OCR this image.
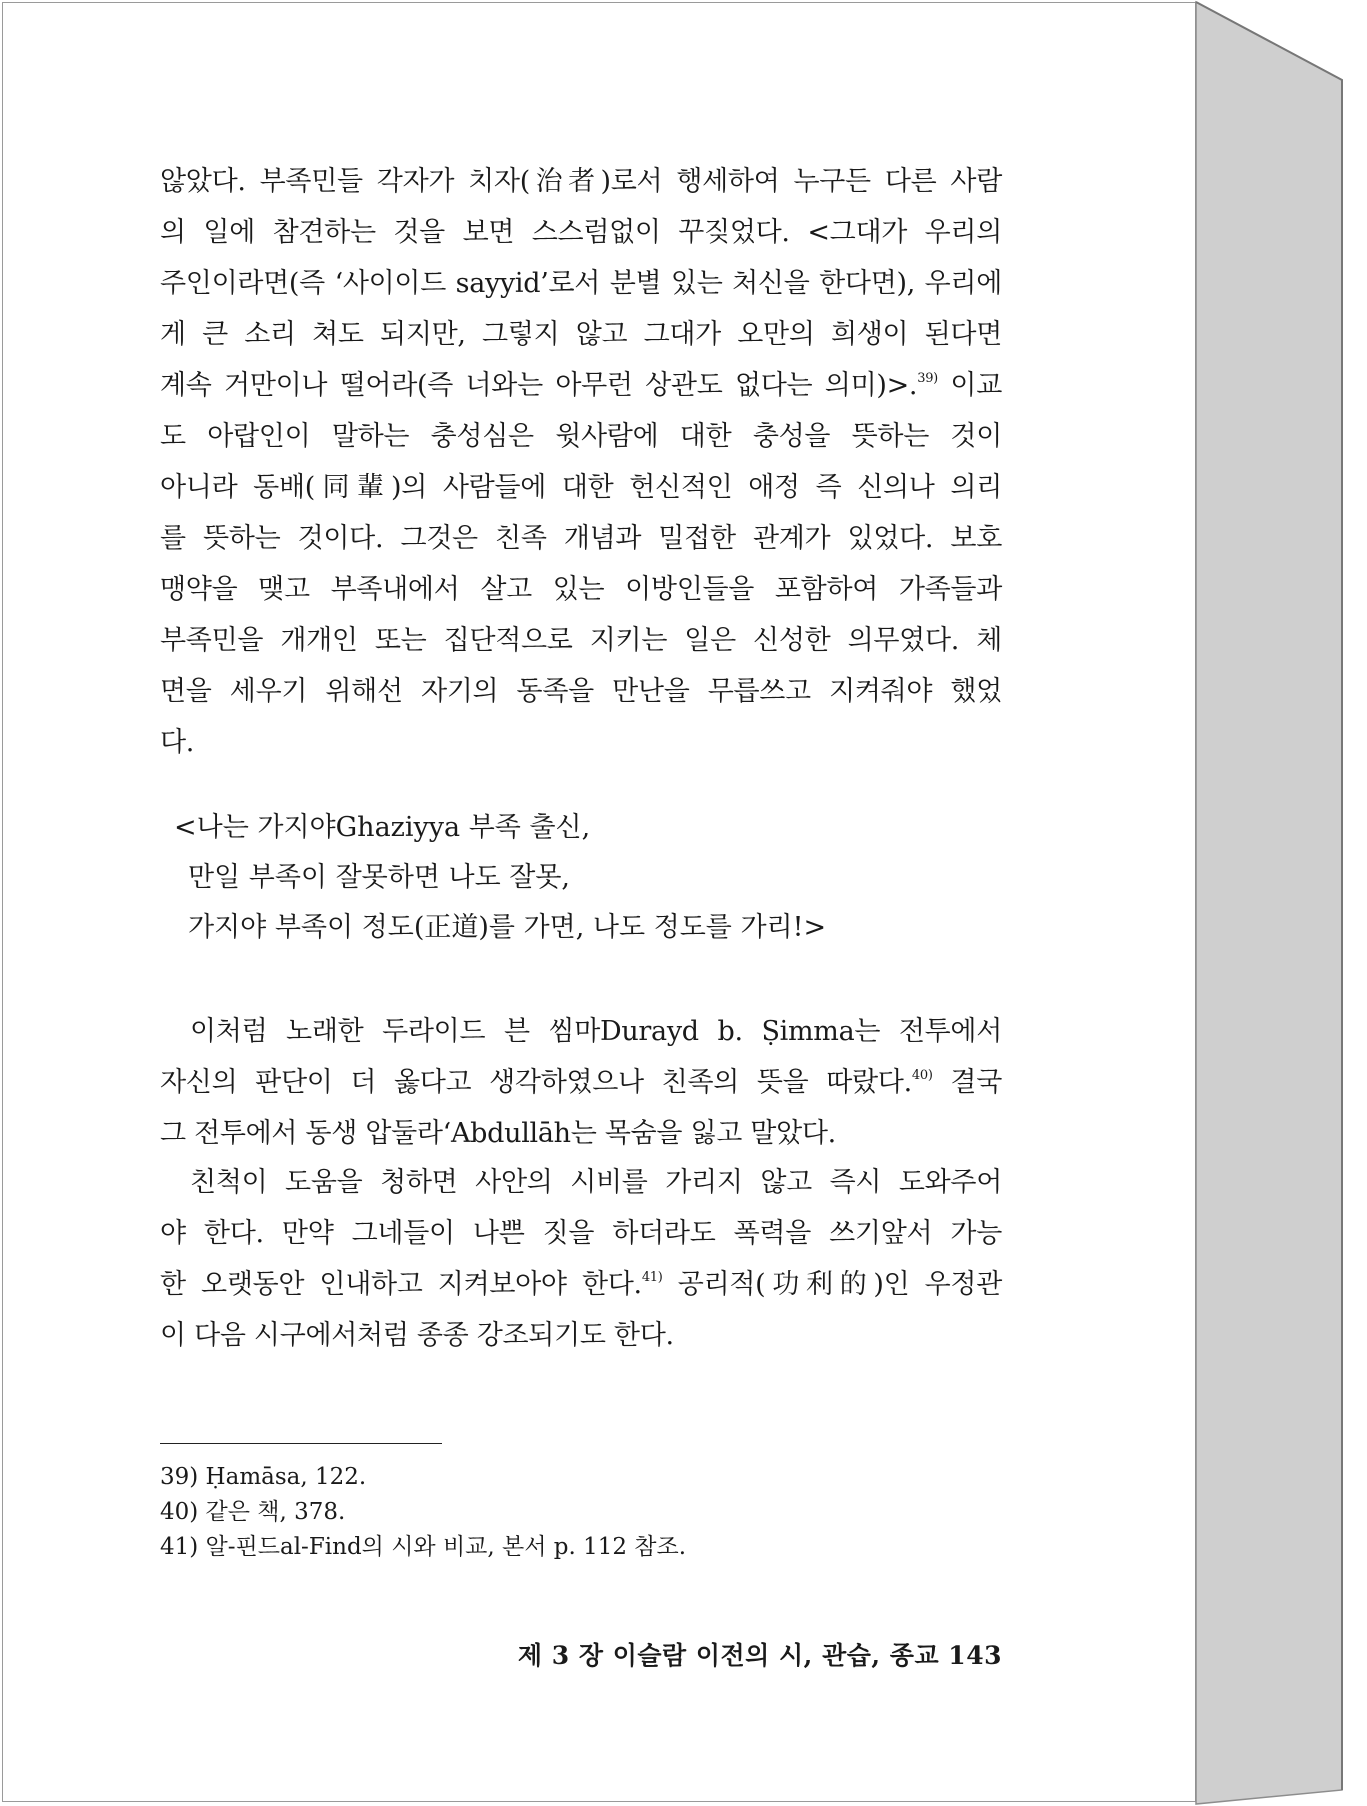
않았다. 부족민들 각자가 치자(治者)로서 행세하여 누구든 다른 사람
의 일에 참견하는 것을 보면 스스럼없이 꾸짖었다. <그대가 우리의
주인이라면(즉 ‘사이이드 sayyid’로서 분별 있는 처신을 한다면), 우리에
게 큰 소리 쳐도 되지만, 그렇지 않고 그대가 오만의 희생이 된다면
계속 거만이나 떨어라(즉 너와는 아무런 상관도 없다는 의미)>.$^{39)}$ 이교
도 아랍인이 말하는 충성심은 윗사람에 대한 충성을 뜻하는 것이
아니라 동배(同輩)의 사람들에 대한 헌신적인 애정 즉 신의나 의리
를 뜻하는 것이다. 그것은 친족 개념과 밀접한 관계가 있었다. 보호
맹약을 맺고 부족내에서 살고 있는 이방인들을 포함하여 가족들과
부족민을 개개인 또는 집단적으로 지키는 일은 신성한 의무였다. 체
면을 세우기 위해선 자기의 동족을 만난을 무릅쓰고 지켜줘야 했었
다.
<나는 가지야Ghaziyya 부족 출신,
만일 부족이 잘못하면 나도 잘못,
가지야 부족이 정도(正道)를 가면, 나도 정도를 가리!>
이처럼 노래한 두라이드 븐 씸마Durayd b. Ṣimma는 전투에서
자신의 판단이 더 옳다고 생각하였으나 친족의 뜻을 따랐다.$^{40)}$ 결국
그 전투에서 동생 압둘라‘Abdullāh는 목숨을 잃고 말았다.
친척이 도움을 청하면 사안의 시비를 가리지 않고 즉시 도와주어
야 한다. 만약 그네들이 나쁜 짓을 하더라도 폭력을 쓰기앞서 가능
한 오랫동안 인내하고 지켜보아야 한다.$^{41)}$ 공리적(功利的)인 우정관
이 다음 시구에서처럼 종종 강조되기도 한다.
39) Ḥamāsa, 122.
40) 같은 책, 378.
41) 알-핀드al-Find의 시와 비교, 본서 p. 112 참조.
제 3 장 이슬람 이전의 시, 관습, 종교 143
